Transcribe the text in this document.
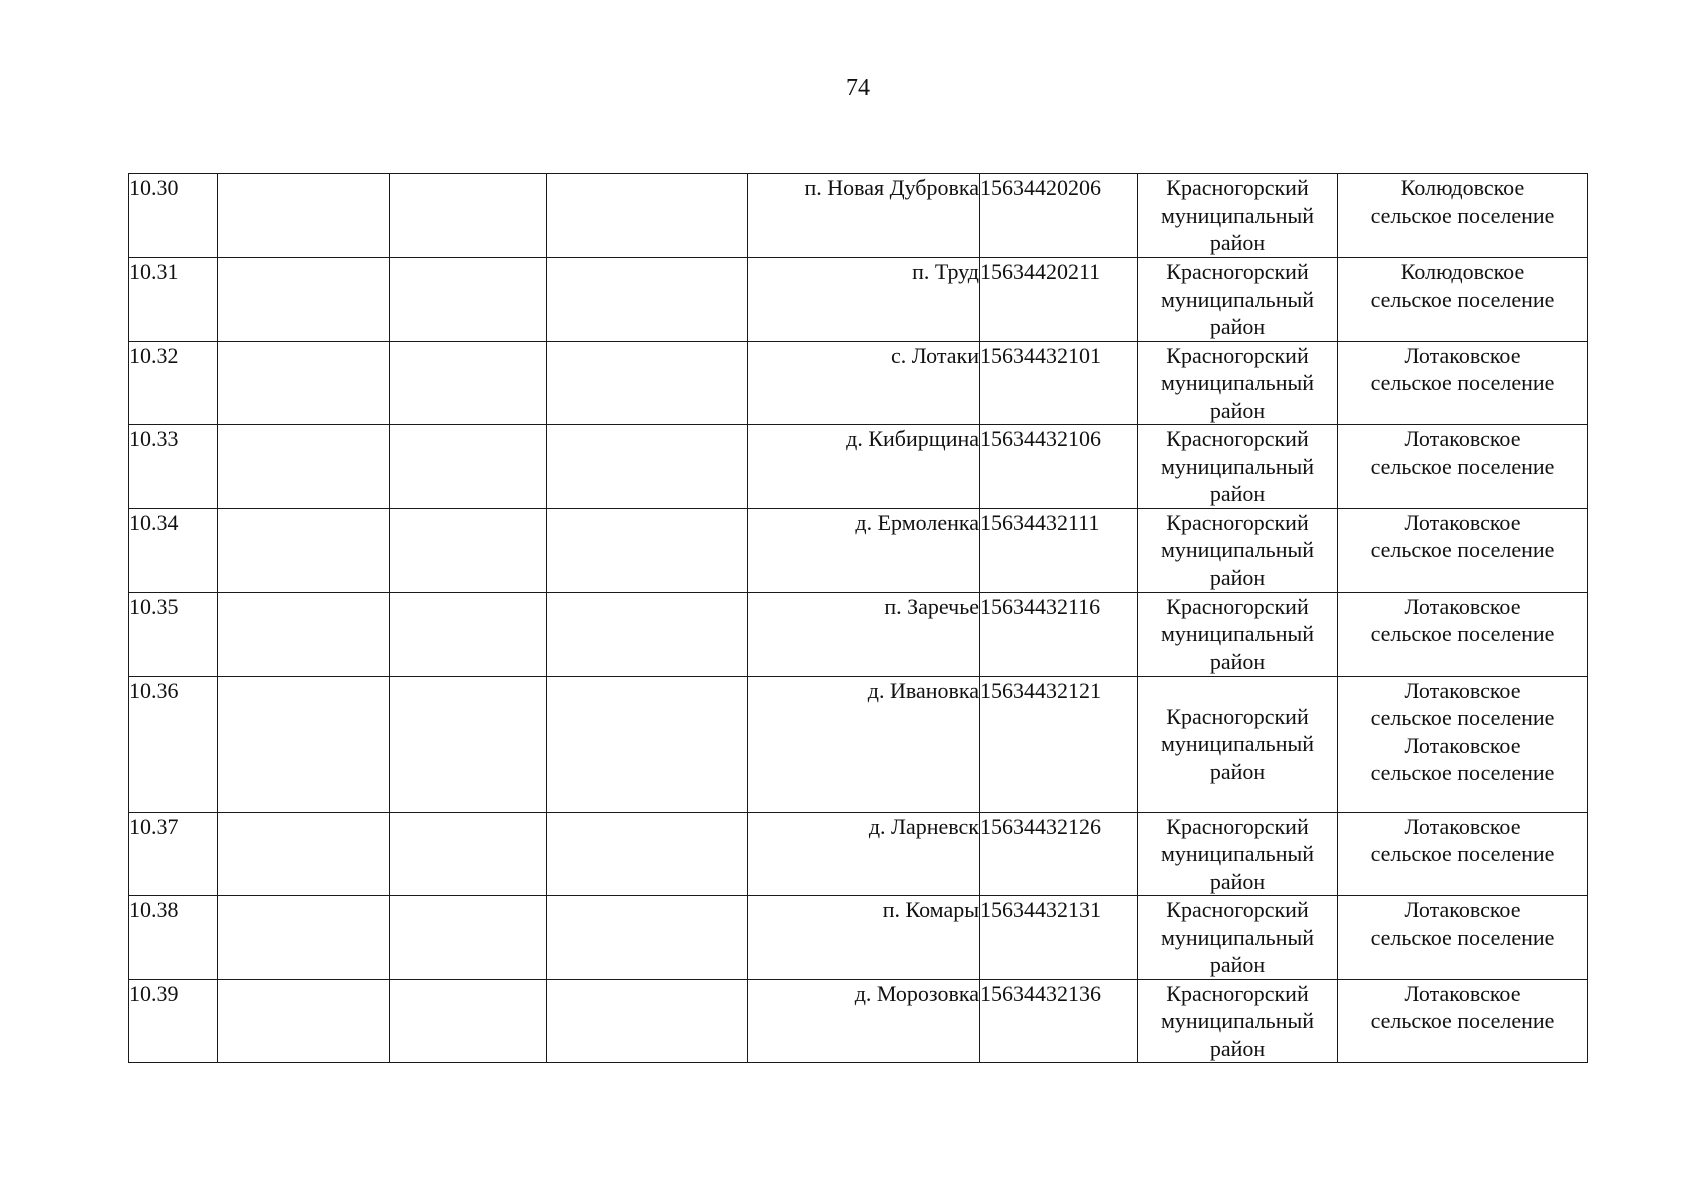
74
10.30				п. Новая Дубровка	15634420206	Красногорский
муниципальный
район	Колюдовское
сельское поселение

10.31				п. Труд	15634420211	Красногорский
муниципальный
район	Колюдовское
сельское поселение

10.32				с. Лотаки	15634432101	Красногорский
муниципальный
район	Лотаковское
сельское поселение

10.33				д. Кибирщина	15634432106	Красногорский
муниципальный
район	Лотаковское
сельское поселение

10.34				д. Ермоленка	15634432111	Красногорский
муниципальный
район	Лотаковское
сельское поселение

10.35				п. Заречье	15634432116	Красногорский
муниципальный
район	Лотаковское
сельское поселение

10.36				д. Ивановка	15634432121	Красногорский
муниципальный
район	Лотаковское
сельское поселение
Лотаковское
сельское поселение

10.37				д. Ларневск	15634432126	Красногорский
муниципальный
район	Лотаковское
сельское поселение

10.38				п. Комары	15634432131	Красногорский
муниципальный
район	Лотаковское
сельское поселение

10.39				д. Морозовка	15634432136	Красногорский
муниципальный
район	Лотаковское
сельское поселение
